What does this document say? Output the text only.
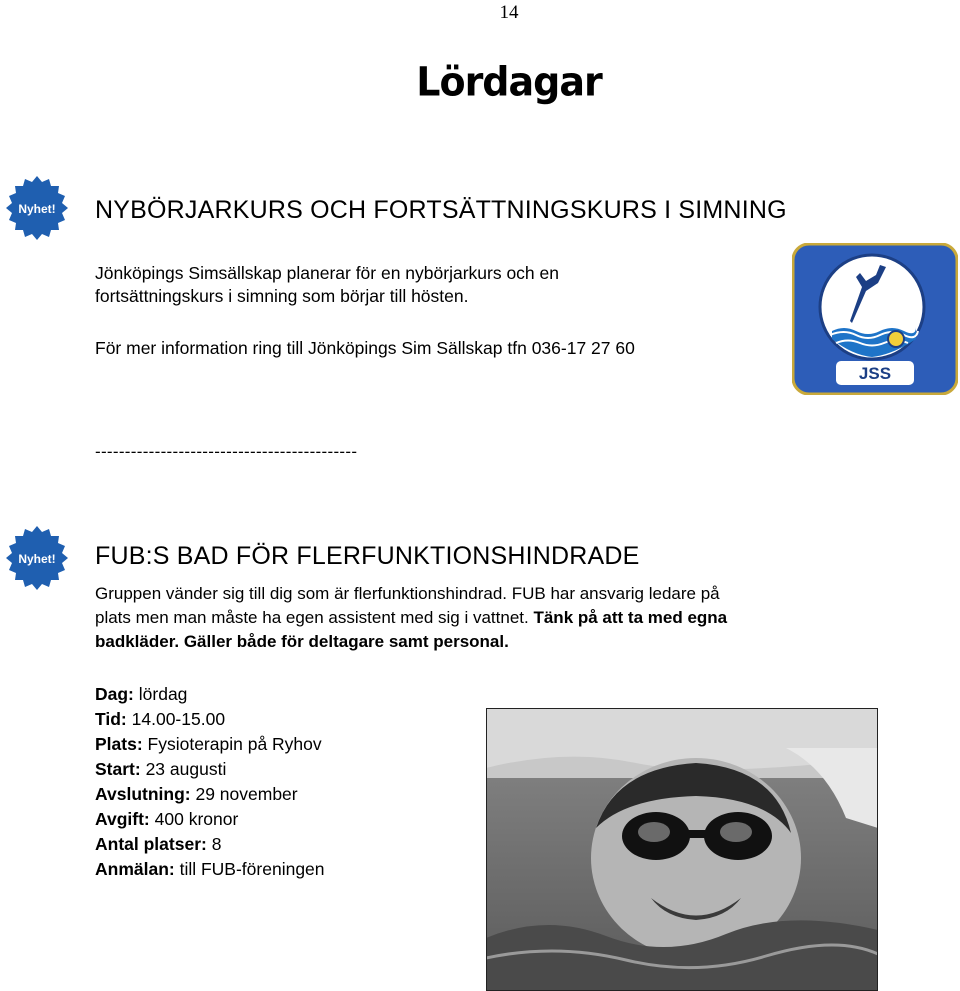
14
Lördagar
Nyhet! NYBÖRJARKURS OCH FORTSÄTTNINGSKURS I SIMNING
Jönköpings Simsällskap planerar för en nybörjarkurs och en
fortsättningskurs i simning som börjar till hösten.
För mer information ring till Jönköpings Sim Sällskap tfn 036-17 27 60
JSS
--------------------------------------------
Nyhet! FUB:S BAD FÖR FLERFUNKTIONSHINDRADE
Gruppen vänder sig till dig som är flerfunktionshindrad. FUB har ansvarig ledare på
plats men man måste ha egen assistent med sig i vattnet. Tänk på att ta med egna
badkläder. Gäller både för deltagare samt personal.
Dag: lördag
Tid: 14.00-15.00
Plats: Fysioterapin på Ryhov
Start: 23 augusti
Avslutning: 29 november
Avgift: 400 kronor
Antal platser: 8
Anmälan: till FUB-föreningen
